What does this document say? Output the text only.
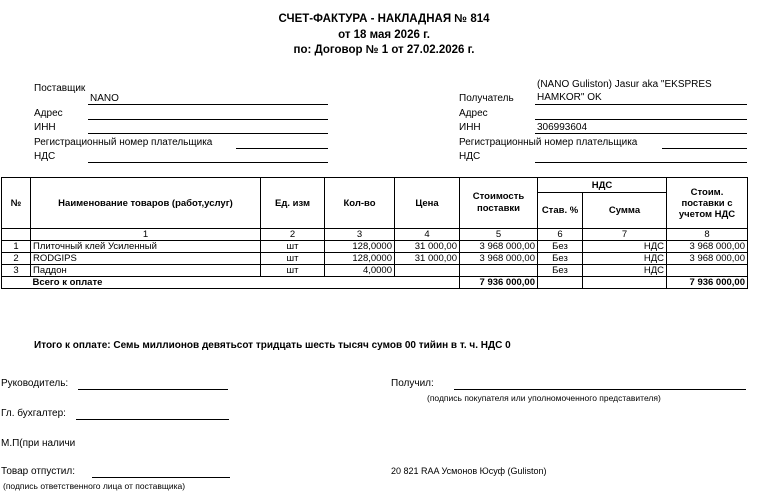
СЧЕТ-ФАКТУРА - НАКЛАДНАЯ № 814
от 18 мая 2026 г.
по: Договор № 1 от 27.02.2026 г.
Поставщик
NANO
Адрес
ИНН
Регистрационный номер плательщика
НДС
(NANO Guliston) Jasur aka "EKSPRES
Получатель HAMKOR" OK
Адрес
ИНН	306993604
Регистрационный номер плательщика
НДС
№	Наименование товаров (работ,услуг)	Ед. изм	Кол-во	Цена	Стоимость поставки	НДС		Стоим. поставки с учетом НДС
						Став. %	Сумма	
	1	2	3	4	5	6	7	8
1	Плиточный клей Усиленный	шт	128,0000	31 000,00	3 968 000,00	Без	НДС	3 968 000,00
2	RODGIPS	шт	128,0000	31 000,00	3 968 000,00	Без	НДС	3 968 000,00
3	Паддон	шт	4,0000			Без	НДС	
	Всего к оплате				7 936 000,00			7 936 000,00
Итого к оплате: Семь миллионов девятьсот тридцать шесть тысяч сумов 00 тийин в т. ч. НДС 0
Руководитель:
Гл. бухгалтер:
М.П(при наличи
Товар отпустил:
(подпись ответственного лица от поставщика)
Получил:
(подпись покупателя или уполномоченного представителя)
20 821 RAA Усмонов Юсуф (Guliston)
